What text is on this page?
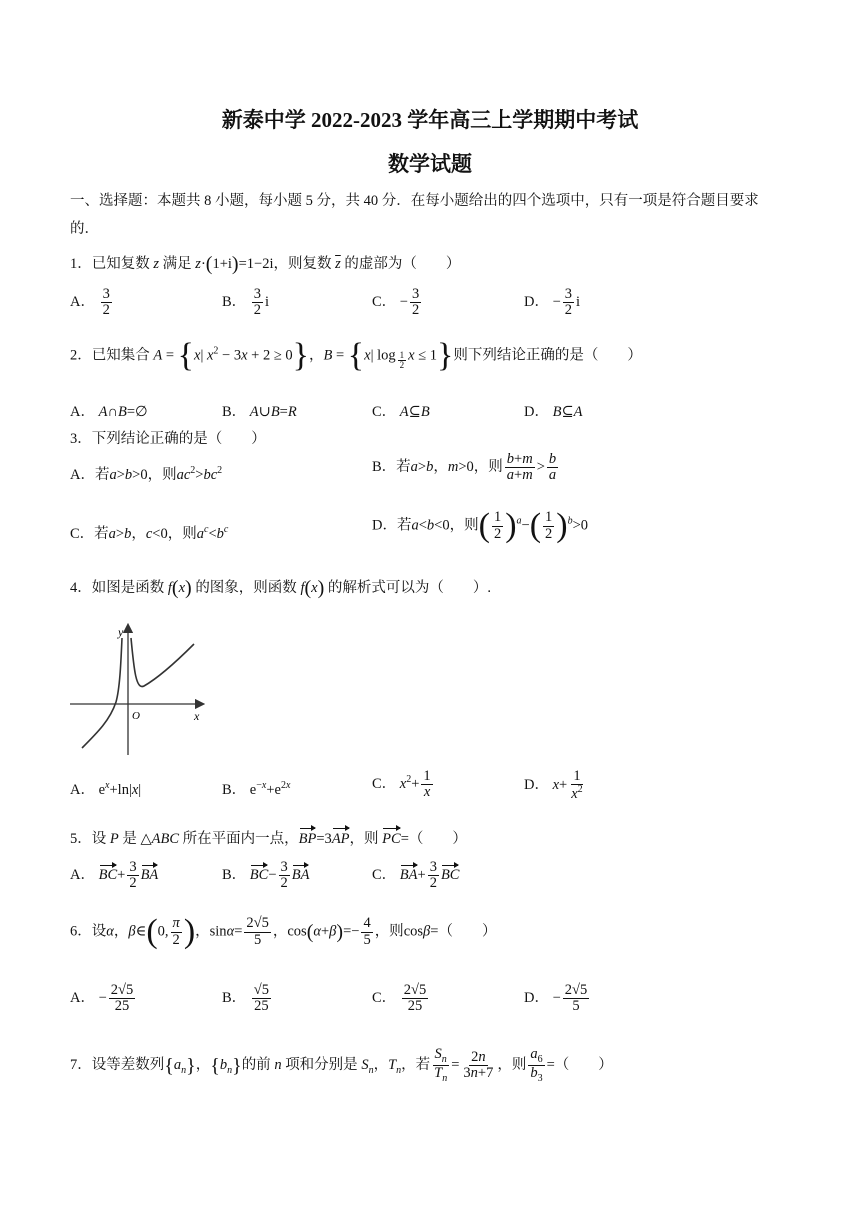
新泰中学 2022-2023 学年高三上学期期中考试
数学试题
一、选择题：本题共 8 小题，每小题 5 分，共 40 分．在每小题给出的四个选项中，只有一项是符合题目要求
的．
1．已知复数 z 满足 z·(1+i)=1−2i，则复数 $\overline{z}$ 的虚部为（　　）
A． $\frac{3}{2}$	B． $\frac{3}{2}$ i	C． − $\frac{3}{2}$	D． − $\frac{3}{2}$ i
2．已知集合 A = {x| $x^2 - 3x + 2 \ge 0$}，B = {x| log $_{\frac{1}{2}}$ x ≤ 1}则下列结论正确的是（　　）
A． A∩B=∅	B． A∪B=R	C． A⊆B	D． B⊆A
3．下列结论正确的是（　　）
A．若a>b>0，则$ac^2>bc^2$	B．若a>b，m>0，则 $\frac{b+m}{a+m} > \frac{b}{a}$
C．若a>b，c<0，则$a^c<b^c$	D．若a<b<0，则( $\frac{1}{2} )^a-( \frac{1}{2} )^b>0$
4．如图是函数 f(x) 的图象，则函数 f(x) 的解析式可以为（　　）.
y
x
O
A． $e^x+\ln|x|$	B． $e^{-x}+e^{2x}$	C． $x^2+ \frac{1}{x}$	D． $x+ \frac{1}{x^2}$
5．设 P 是 △ABC 所在平面内一点，BP=3AP，则 PC=（　　）
A． $BC+ \frac{3}{2}$ BA	B． $BC- \frac{3}{2}$ BA	C． $BA+ \frac{3}{2}$ BC
6．设α，β∈(0, $\frac{\pi}{2}$ )，$\sin\alpha= \frac{2√5}{5}$ ，$\cos(\alpha+\beta)=- \frac{4}{5}$ ，则cosβ=（　　）
A． − $\frac{2√5}{25}$	B． $\frac{√5}{25}$	C． $\frac{2√5}{25}$	D． − $\frac{2√5}{5}$
7．设等差数列$\{a_n\}$，$\{b_n\}$的前 n 项和分别是 $S_n$，$T_n$，若 $\frac{S_n}{T_n} = \frac{2n}{3n+7}$ ，则 $\frac{a_6}{b_3}$ =（　　）
